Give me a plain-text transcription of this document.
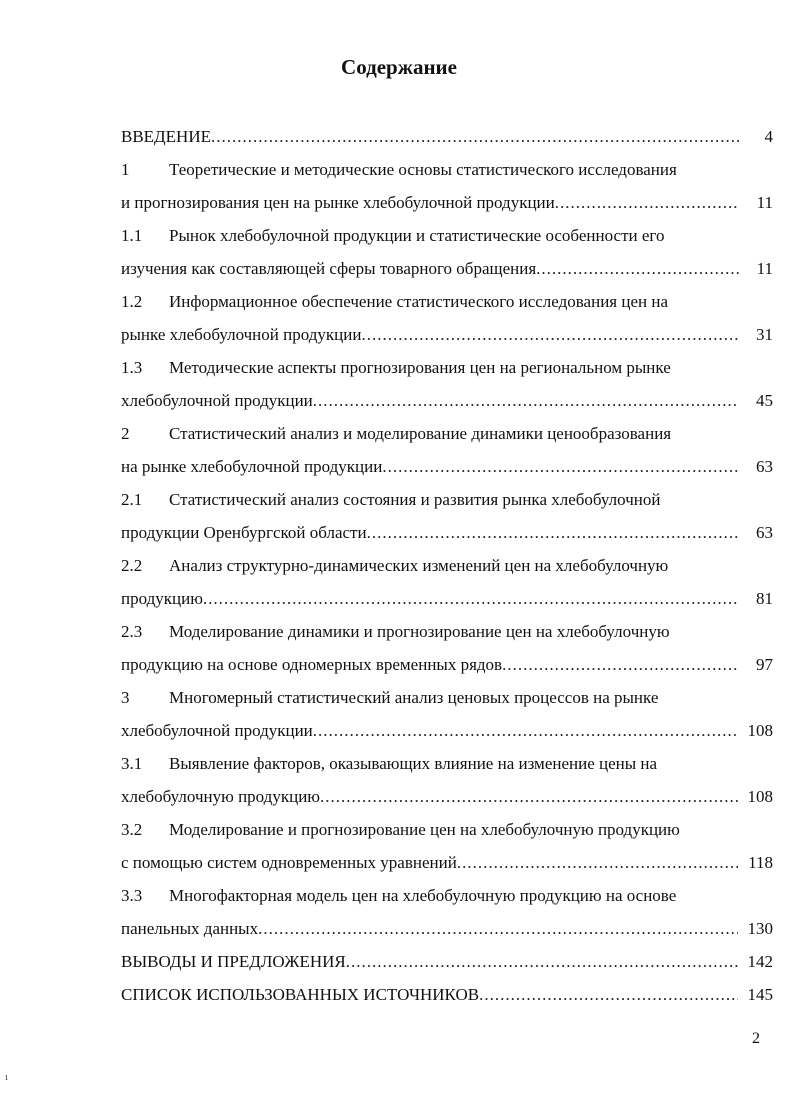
Содержание
ВВЕДЕНИЕ .....	4
1	Теоретические и методические основы статистического исследования
и прогнозирования цен на рынке хлебобулочной продукции .....	11
1.1	Рынок хлебобулочной продукции и статистические особенности его
изучения как составляющей сферы товарного обращения .....	11
1.2	Информационное обеспечение статистического исследования цен на
рынке хлебобулочной продукции .....	31
1.3	Методические аспекты прогнозирования цен на региональном рынке
хлебобулочной продукции .....	45
2	Статистический анализ и моделирование динамики ценообразования
на рынке хлебобулочной продукции .....	63
2.1	Статистический анализ состояния и развития рынка хлебобулочной
продукции Оренбургской области .....	63
2.2	Анализ структурно-динамических изменений цен на хлебобулочную
продукцию .....	81
2.3	Моделирование динамики и прогнозирование цен на хлебобулочную
продукцию на основе одномерных временных рядов .....	97
3	Многомерный статистический анализ ценовых процессов на рынке
хлебобулочной продукции .....	108
3.1	Выявление факторов, оказывающих влияние на изменение цены на
хлебобулочную продукцию .....	108
3.2	Моделирование и прогнозирование цен на хлебобулочную продукцию
с помощью систем одновременных уравнений .....	118
3.3	Многофакторная модель цен на хлебобулочную продукцию на основе
панельных данных .....	130
ВЫВОДЫ И ПРЕДЛОЖЕНИЯ .....	142
СПИСОК ИСПОЛЬЗОВАННЫХ ИСТОЧНИКОВ .....	145
2
ı
